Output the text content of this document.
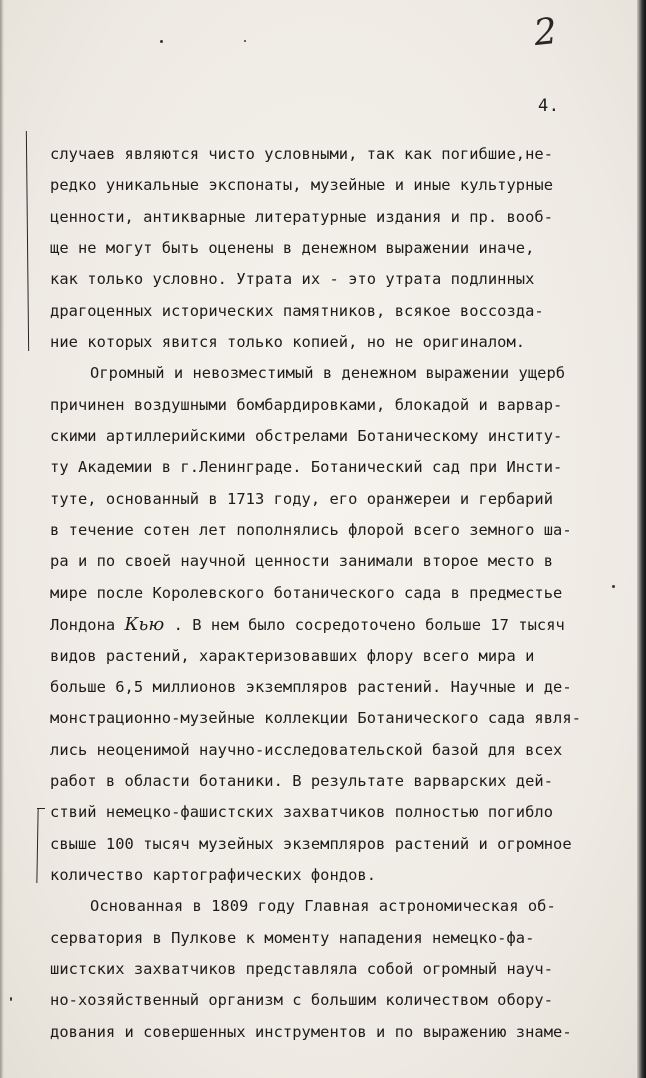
2

4.

случаев являются чисто условными, так как погибшие,не-
редко уникальные экспонаты, музейные и иные культурные
ценности, антикварные литературные издания и пр. вооб-
ще не могут быть оценены в денежном выражении иначе,
как только условно. Утрата их - это утрата подлинных
драгоценных исторических памятников, всякое воссозда-
ние которых явится только копией, но не оригиналом.
Огромный и невозместимый в денежном выражении ущерб
причинен воздушными бомбардировками, блокадой и варвар-
скими артиллерийскими обстрелами Ботаническому институ-
ту Академии в г.Ленинграде. Ботанический сад при Инсти-
туте, основанный в 1713 году, его оранжереи и гербарий
в течение сотен лет пополнялись флорой всего земного ша-
ра и по своей научной ценности занимали второе место в
мире после Королевского ботанического сада в предместье
Лондона Кью . В нем было сосредоточено больше 17 тысяч
видов растений, характеризовавших флору всего мира и
больше 6,5 миллионов экземпляров растений. Научные и де-
монстрационно-музейные коллекции Ботанического сада явля-
лись неоценимой научно-исследовательской базой для всех
работ в области ботаники. В результате варварских дей-
ствий немецко-фашистских захватчиков полностью погибло
свыше 100 тысяч музейных экземпляров растений и огромное
количество картографических фондов.
Основанная в 1809 году Главная астрономическая об-
серватория в Пулкове к моменту нападения немецко-фа-
шистских захватчиков представляла собой огромный науч-
но-хозяйственный организм с большим количеством обору-
дования и совершенных инструментов и по выражению знаме-
